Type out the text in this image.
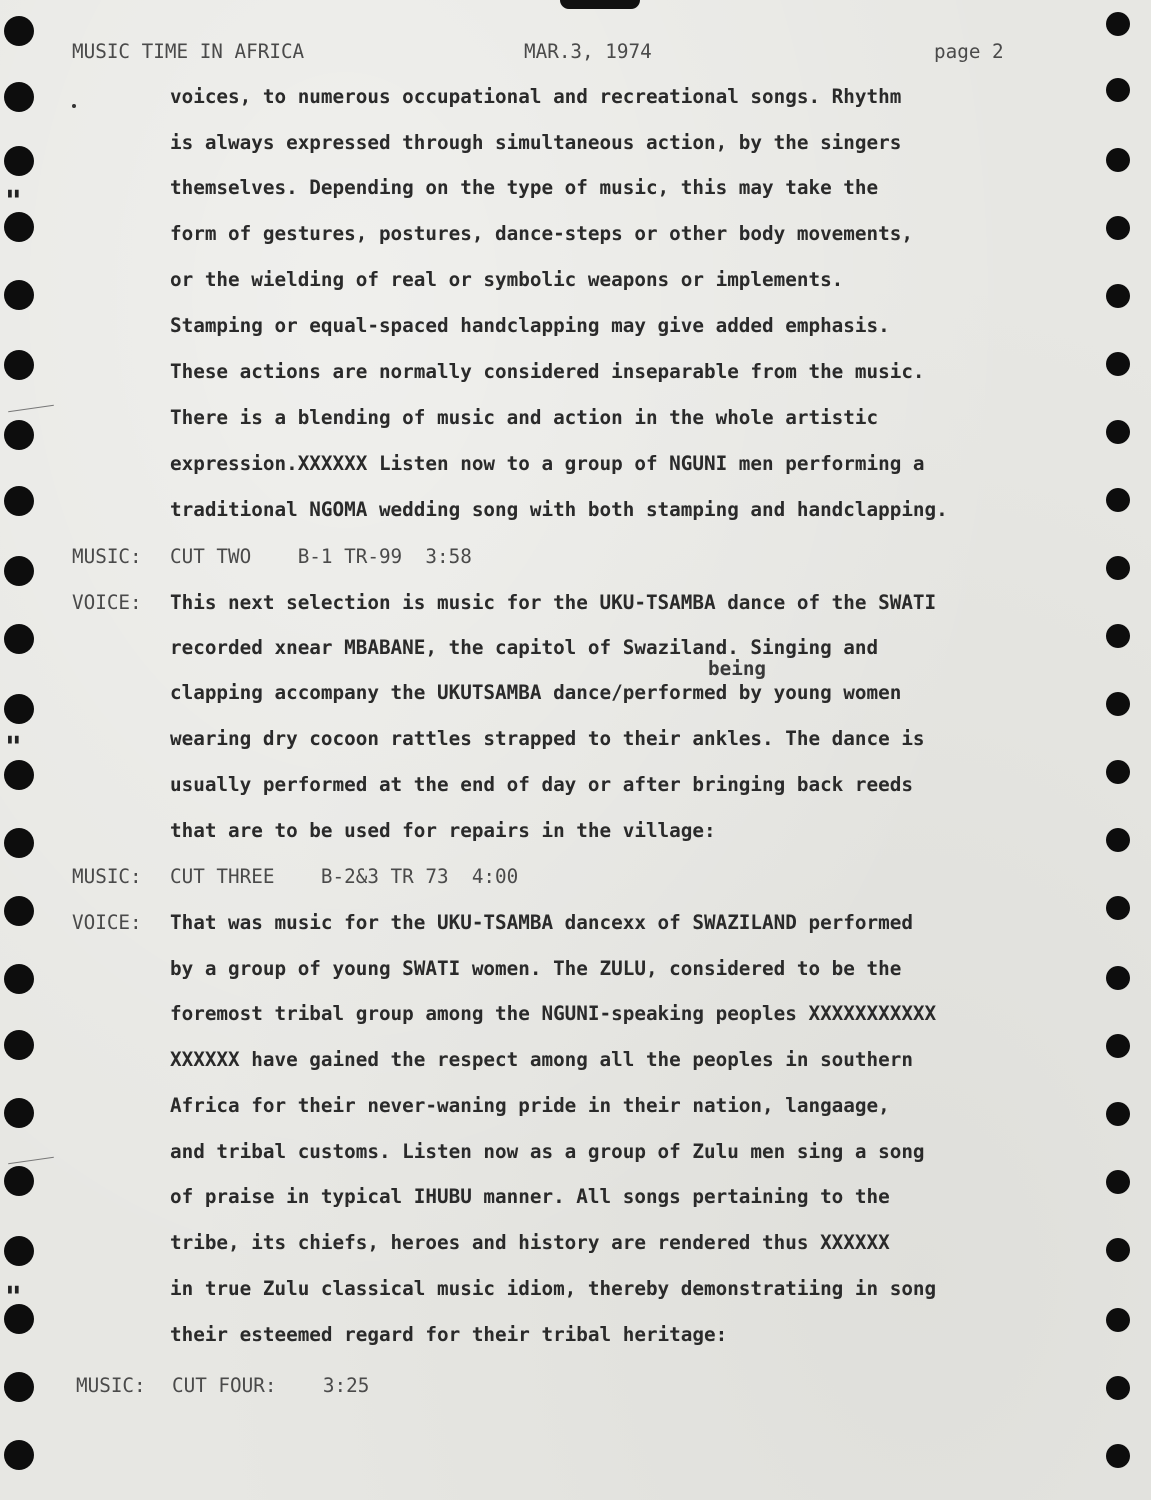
▮▮
▮▮
▮▮
MUSIC TIME IN AFRICA	MAR.3, 1974	page 2
voices, to numerous occupational and recreational songs. Rhythm
is always expressed through simultaneous action, by the singers
themselves. Depending on the type of music, this may take the
form of gestures, postures, dance-steps or other body movements,
or the wielding of real or symbolic weapons or implements.
Stamping or equal-spaced handclapping may give added emphasis.
These actions are normally considered inseparable from the music.
There is a blending of music and action in the whole artistic
expression.XXXXXX Listen now to a group of NGUNI men performing a
traditional NGOMA wedding song with both stamping and handclapping.
MUSIC: CUT TWO    B-1 TR-99  3:58
VOICE: This next selection is music for the UKU-TSAMBA dance of the SWATI
recorded xnear MBABANE, the capitol of Swaziland. Singing and
being
clapping accompany the UKUTSAMBA dance/performed by young women
wearing dry cocoon rattles strapped to their ankles. The dance is
usually performed at the end of day or after bringing back reeds
that are to be used for repairs in the village:
MUSIC: CUT THREE    B-2&3 TR 73  4:00
VOICE: That was music for the UKU-TSAMBA dancexx of SWAZILAND performed
by a group of young SWATI women. The ZULU, considered to be the
foremost tribal group among the NGUNI-speaking peoples XXXXXXXXXXX
XXXXXX have gained the respect among all the peoples in southern
Africa for their never-waning pride in their nation, langaage,
and tribal customs. Listen now as a group of Zulu men sing a song
of praise in typical IHUBU manner. All songs pertaining to the
tribe, its chiefs, heroes and history are rendered thus XXXXXX
in true Zulu classical music idiom, thereby demonstratiing in song
their esteemed regard for their tribal heritage:
MUSIC: CUT FOUR:    3:25
